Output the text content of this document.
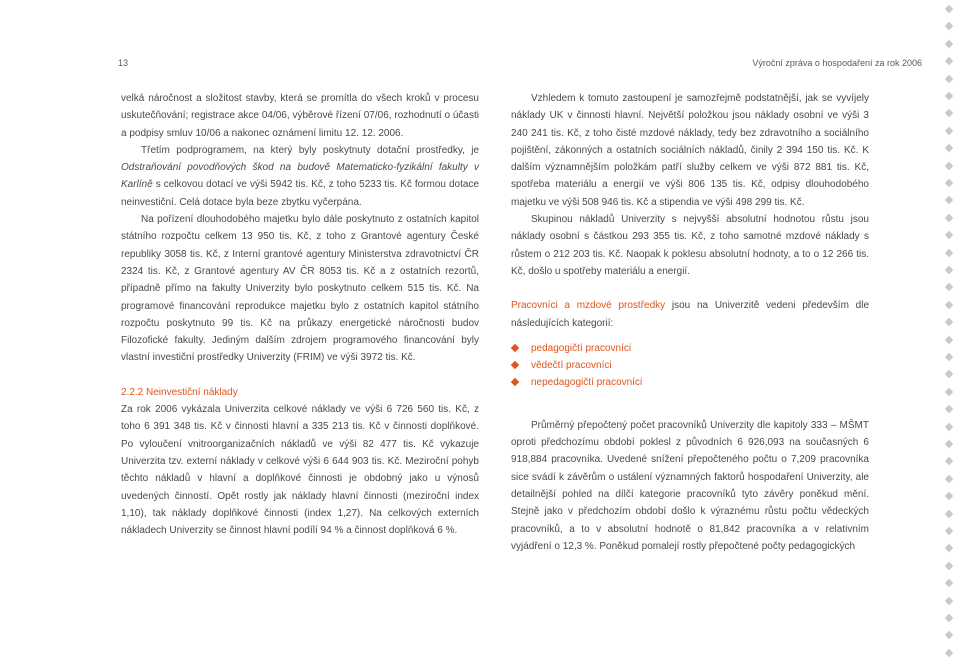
13	Výroční zpráva o hospodaření za rok 2006

velká náročnost a složitost stavby, která se promítla do všech kroků v procesu uskutečňování; registrace akce 04/06, výběrové řízení 07/06, rozhodnutí o účasti a podpisy smluv 10/06 a nakonec oznámení limitu 12. 12. 2006.

Třetím podprogramem, na který byly poskytnuty dotační prostředky, je Odstraňování povodňových škod na budově Matematicko-fyzikální fakulty v Karlíně s celkovou dotací ve výši 5942 tis. Kč, z toho 5233 tis. Kč formou dotace neinvestiční. Celá dotace byla beze zbytku vyčerpána.

Na pořízení dlouhodobého majetku bylo dále poskytnuto z ostatních kapitol státního rozpočtu celkem 13 950 tis. Kč, z toho z Grantové agentury České republiky 3058 tis. Kč, z Interní grantové agentury Ministerstva zdravotnictví ČR 2324 tis. Kč, z Grantové agentury AV ČR 8053 tis. Kč a z ostatních rezortů, případně přímo na fakulty Univerzity bylo poskytnuto celkem 515 tis. Kč. Na programové financování reprodukce majetku bylo z ostatních kapitol státního rozpočtu poskytnuto 99 tis. Kč na průkazy energetické náročnosti budov Filozofické fakulty. Jediným dalším zdrojem programového financování byly vlastní investiční prostředky Univerzity (FRIM) ve výši 3972 tis. Kč.

2.2.2 Neinvestiční náklady

Za rok 2006 vykázala Univerzita celkové náklady ve výši 6 726 560 tis. Kč, z toho 6 391 348 tis. Kč v činnosti hlavní a 335 213 tis. Kč v činnosti doplňkové. Po vyloučení vnitroorganizačních nákladů ve výši 82 477 tis. Kč vykazuje Univerzita tzv. externí náklady v celkové výši 6 644 903 tis. Kč. Meziroční pohyb těchto nákladů v hlavní a doplňkové činnosti je obdobný jako u výnosů uvedených činností. Opět rostly jak náklady hlavní činnosti (meziroční index 1,10), tak náklady doplňkové činnosti (index 1,27). Na celkových externích nákladech Univerzity se činnost hlavní podílí 94 % a činnost doplňková 6 %.

Vzhledem k tomuto zastoupení je samozřejmě podstatnější, jak se vyvíjely náklady UK v činnosti hlavní. Největší položkou jsou náklady osobní ve výši 3 240 241 tis. Kč, z toho čisté mzdové náklady, tedy bez zdravotního a sociálního pojištění, zákonných a ostatních sociálních nákladů, činily 2 394 150 tis. Kč. K dalším významnějším položkám patří služby celkem ve výši 872 881 tis. Kč, spotřeba materiálu a energií ve výši 806 135 tis. Kč, odpisy dlouhodobého majetku ve výši 508 946 tis. Kč a stipendia ve výši 498 299 tis. Kč.

Skupinou nákladů Univerzity s nejvyšší absolutní hodnotou růstu jsou náklady osobní s částkou 293 355 tis. Kč, z toho samotné mzdové náklady s růstem o 212 203 tis. Kč. Naopak k poklesu absolutní hodnoty, a to o 12 266 tis. Kč, došlo u spotřeby materiálu a energií.

Pracovníci a mzdové prostředky jsou na Univerzitě vedeni především dle následujících kategorií:

pedagogičtí pracovníci
vědečtí pracovníci
nepedagogičtí pracovníci

Průměrný přepočtený počet pracovníků Univerzity dle kapitoly 333 – MŠMT oproti předchozímu období poklesl z původních 6 926,093 na současných 6 918,884 pracovníka. Uvedené snížení přepočteného počtu o 7,209 pracovníka sice svádí k závěrům o ustálení významných faktorů hospodaření Univerzity, ale detailnější pohled na dílčí kategorie pracovníků tyto závěry poněkud mění. Stejně jako v předchozím období došlo k výraznému růstu počtu vědeckých pracovníků, a to v absolutní hodnotě o 81,842 pracovníka a v relativním vyjádření o 12,3 %. Poněkud pomalejí rostly přepočtené počty pedagogických
